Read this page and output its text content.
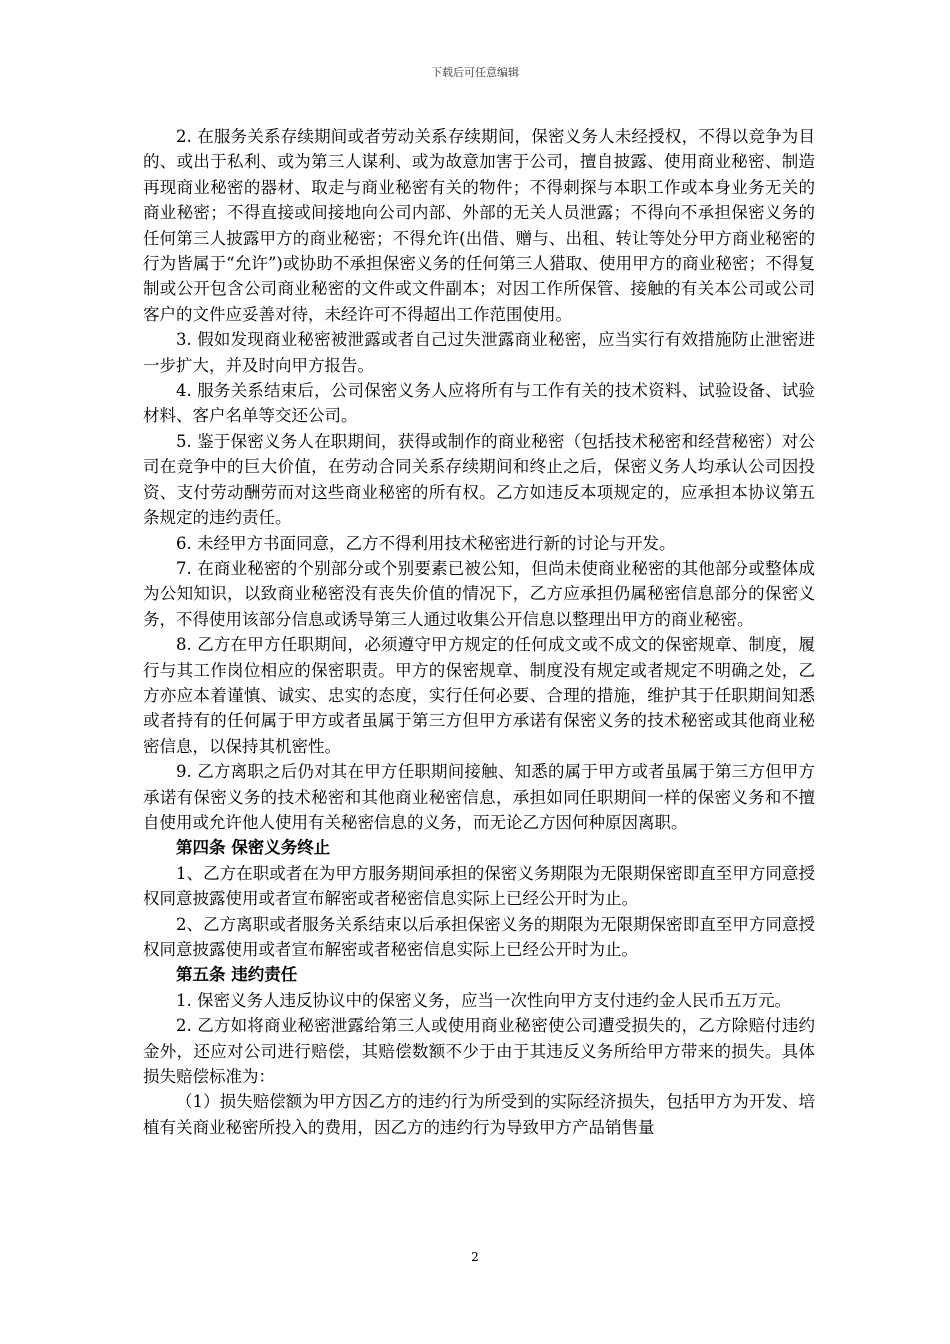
下载后可任意编辑

2. 在服务关系存续期间或者劳动关系存续期间，保密义务人未经授权，不得以竞争为目的、或出于私利、或为第三人谋利、或为故意加害于公司，擅自披露、使用商业秘密、制造再现商业秘密的器材、取走与商业秘密有关的物件；不得刺探与本职工作或本身业务无关的商业秘密；不得直接或间接地向公司内部、外部的无关人员泄露；不得向不承担保密义务的任何第三人披露甲方的商业秘密；不得允许(出借、赠与、出租、转让等处分甲方商业秘密的行为皆属于“允许”)或协助不承担保密义务的任何第三人猎取、使用甲方的商业秘密；不得复制或公开包含公司商业秘密的文件或文件副本；对因工作所保管、接触的有关本公司或公司客户的文件应妥善对待，未经许可不得超出工作范围使用。

3. 假如发现商业秘密被泄露或者自己过失泄露商业秘密，应当实行有效措施防止泄密进一步扩大，并及时向甲方报告。

4. 服务关系结束后，公司保密义务人应将所有与工作有关的技术资料、试验设备、试验材料、客户名单等交还公司。

5. 鉴于保密义务人在职期间，获得或制作的商业秘密（包括技术秘密和经营秘密）对公司在竞争中的巨大价值，在劳动合同关系存续期间和终止之后，保密义务人均承认公司因投资、支付劳动酬劳而对这些商业秘密的所有权。乙方如违反本项规定的，应承担本协议第五条规定的违约责任。

6. 未经甲方书面同意，乙方不得利用技术秘密进行新的讨论与开发。

7. 在商业秘密的个别部分或个别要素已被公知，但尚未使商业秘密的其他部分或整体成为公知知识，以致商业秘密没有丧失价值的情况下，乙方应承担仍属秘密信息部分的保密义务，不得使用该部分信息或诱导第三人通过收集公开信息以整理出甲方的商业秘密。

8. 乙方在甲方任职期间，必须遵守甲方规定的任何成文或不成文的保密规章、制度，履行与其工作岗位相应的保密职责。甲方的保密规章、制度没有规定或者规定不明确之处，乙方亦应本着谨慎、诚实、忠实的态度，实行任何必要、合理的措施，维护其于任职期间知悉或者持有的任何属于甲方或者虽属于第三方但甲方承诺有保密义务的技术秘密或其他商业秘密信息，以保持其机密性。

9. 乙方离职之后仍对其在甲方任职期间接触、知悉的属于甲方或者虽属于第三方但甲方承诺有保密义务的技术秘密和其他商业秘密信息，承担如同任职期间一样的保密义务和不擅自使用或允许他人使用有关秘密信息的义务，而无论乙方因何种原因离职。

第四条 保密义务终止

1、乙方在职或者在为甲方服务期间承担的保密义务期限为无限期保密即直至甲方同意授权同意披露使用或者宣布解密或者秘密信息实际上已经公开时为止。

2、乙方离职或者服务关系结束以后承担保密义务的期限为无限期保密即直至甲方同意授权同意披露使用或者宣布解密或者秘密信息实际上已经公开时为止。

第五条 违约责任

1. 保密义务人违反协议中的保密义务，应当一次性向甲方支付违约金人民币五万元。

2. 乙方如将商业秘密泄露给第三人或使用商业秘密使公司遭受损失的，乙方除赔付违约金外，还应对公司进行赔偿，其赔偿数额不少于由于其违反义务所给甲方带来的损失。具体损失赔偿标准为：

（1）损失赔偿额为甲方因乙方的违约行为所受到的实际经济损失，包括甲方为开发、培植有关商业秘密所投入的费用，因乙方的违约行为导致甲方产品销售量

2
